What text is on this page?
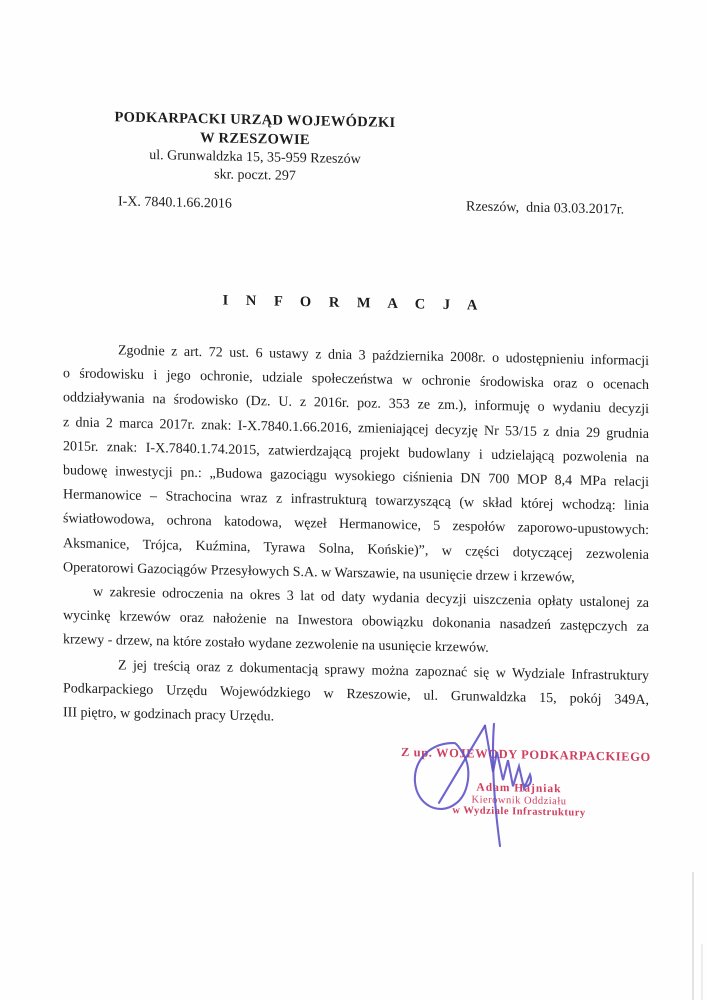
PODKARPACKI URZĄD WOJEWÓDZKI
W RZESZOWIE
ul. Grunwaldzka 15, 35-959 Rzeszów
skr. poczt. 297
I-X. 7840.1.66.2016	Rzeszów,  dnia 03.03.2017r.
I N F O R M A C J A
Zgodnie z art. 72 ust. 6 ustawy z dnia 3 października 2008r. o udostępnieniu informacji
o środowisku i jego ochronie, udziale społeczeństwa w ochronie środowiska oraz o ocenach
oddziaływania na środowisko (Dz. U. z 2016r. poz. 353 ze zm.), informuję o wydaniu decyzji
z dnia 2 marca 2017r. znak: I-X.7840.1.66.2016, zmieniającej decyzję Nr 53/15 z dnia 29 grudnia
2015r. znak: I-X.7840.1.74.2015, zatwierdzającą projekt budowlany i udzielającą pozwolenia na
budowę inwestycji pn.: „Budowa gazociągu wysokiego ciśnienia DN 700 MOP 8,4 MPa relacji
Hermanowice – Strachocina wraz z infrastrukturą towarzyszącą (w skład której wchodzą: linia
światłowodowa, ochrona katodowa, węzeł Hermanowice, 5 zespołów zaporowo-upustowych:
Aksmanice, Trójca, Kuźmina, Tyrawa Solna, Końskie)”, w części dotyczącej zezwolenia
Operatorowi Gazociągów Przesyłowych S.A. w Warszawie, na usunięcie drzew i krzewów,
w zakresie odroczenia na okres 3 lat od daty wydania decyzji uiszczenia opłaty ustalonej za
wycinkę krzewów oraz nałożenie na Inwestora obowiązku dokonania nasadzeń zastępczych za
krzewy - drzew, na które zostało wydane zezwolenie na usunięcie krzewów.
Z jej treścią oraz z dokumentacją sprawy można zapoznać się w Wydziale Infrastruktury
Podkarpackiego Urzędu Wojewódzkiego w Rzeszowie, ul. Grunwaldzka 15, pokój 349A,
III piętro, w godzinach pracy Urzędu.
Z up. WOJEWODY PODKARPACKIEGO
Adam Hajniak
Kierownik Oddziału
w Wydziale Infrastruktury
